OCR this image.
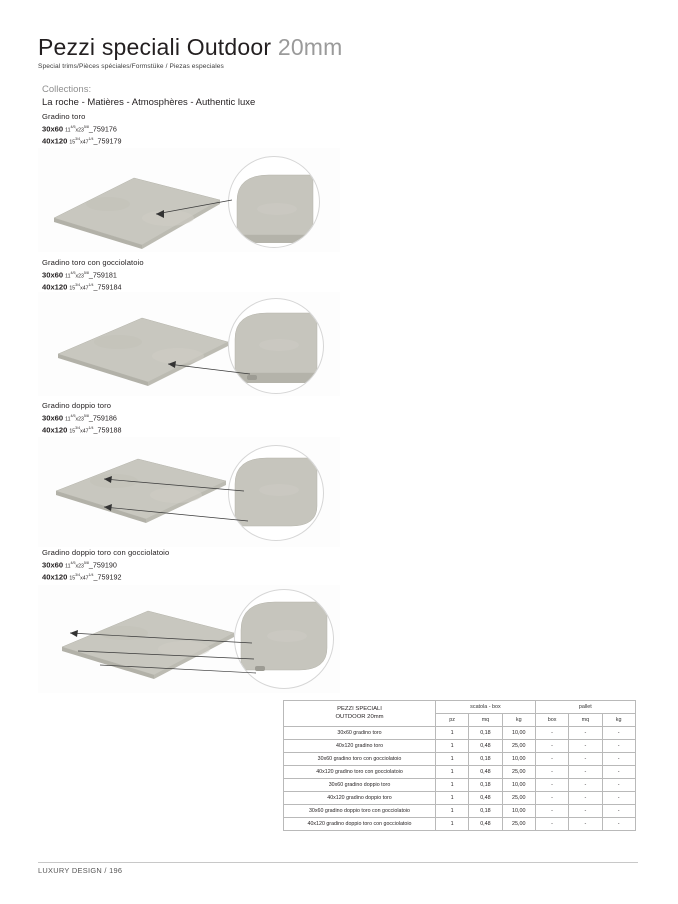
Pezzi speciali Outdoor 20mm
Special trims/Pièces spéciales/Formstüke / Piezas especiales
Collections:
La roche - Matières - Atmosphères - Authentic luxe
Gradino toro
30x60 $11^{4/5}x23^{5/8}\_759176$
40x120 $15^{3/4}x47^{1/4}\_759179$
Gradino toro con gocciolatoio
30x60 $11^{4/5}x23^{5/8}\_759181$
40x120 $15^{3/4}x47^{1/4}\_759184$
Gradino doppio toro
30x60 $11^{4/5}x23^{5/8}\_759186$
40x120 $15^{3/4}x47^{1/4}\_759188$
Gradino doppio toro con gocciolatoio
30x60 $11^{4/5}x23^{5/8}\_759190$
40x120 $15^{3/4}x47^{1/4}\_759192$
PEZZI SPECIALI
OUTDOOR 20mm	scatola - box			pallet		
	pz	mq	kg	box	mq	kg
30x60 gradino toro	1	0,18	10,00	-	-	-
40x120 gradino toro	1	0,48	25,00	-	-	-
30x60 gradino toro con gocciolatoio	1	0,18	10,00	-	-	-
40x120 gradino toro con gocciolatoio	1	0,48	25,00	-	-	-
30x60 gradino doppio toro	1	0,18	10,00	-	-	-
40x120 gradino doppio toro	1	0,48	25,00	-	-	-
30x60 gradino doppio toro con gocciolatoio	1	0,18	10,00	-	-	-
40x120 gradino doppio toro con gocciolatoio	1	0,48	25,00	-	-	-
LUXURY DESIGN / 196
